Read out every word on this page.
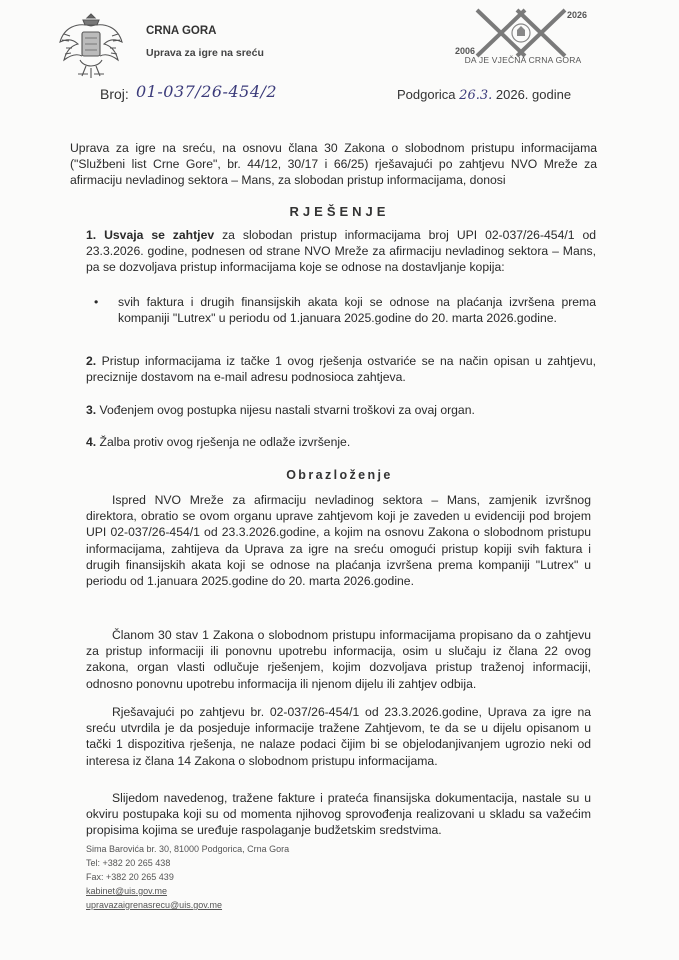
CRNA GORA
Uprava za igre na sreću
2026
2006
DA JE VJEČNA CRNA GORA
Broj: 01-037/26-454/2	Podgorica 26.3. 2026. godine
Uprava za igre na sreću, na osnovu člana 30 Zakona o slobodnom pristupu informacijama ("Službeni list Crne Gore", br. 44/12, 30/17 i 66/25) rješavajući po zahtjevu NVO Mreže za afirmaciju nevladinog sektora – Mans, za slobodan pristup informacijama, donosi
RJEŠENJE
1. Usvaja se zahtjev za slobodan pristup informacijama broj UPI 02-037/26-454/1 od 23.3.2026. godine, podnesen od strane NVO Mreže za afirmaciju nevladinog sektora – Mans, pa se dozvoljava pristup informacijama koje se odnose na dostavljanje kopija:
• svih faktura i drugih finansijskih akata koji se odnose na plaćanja izvršena prema kompaniji "Lutrex" u periodu od 1.januara 2025.godine do 20. marta 2026.godine.
2. Pristup informacijama iz tačke 1 ovog rješenja ostvariće se na način opisan u zahtjevu, preciznije dostavom na e-mail adresu podnosioca zahtjeva.
3. Vođenjem ovog postupka nijesu nastali stvarni troškovi za ovaj organ.
4. Žalba protiv ovog rješenja ne odlaže izvršenje.
Obrazloženje
Ispred NVO Mreže za afirmaciju nevladinog sektora – Mans, zamjenik izvršnog direktora, obratio se ovom organu uprave zahtjevom koji je zaveden u evidenciji pod brojem UPI 02-037/26-454/1 od 23.3.2026.godine, a kojim na osnovu Zakona o slobodnom pristupu informacijama, zahtijeva da Uprava za igre na sreću omogući pristup kopiji svih faktura i drugih finansijskih akata koji se odnose na plaćanja izvršena prema kompaniji "Lutrex" u periodu od 1.januara 2025.godine do 20. marta 2026.godine.
Članom 30 stav 1 Zakona o slobodnom pristupu informacijama propisano da o zahtjevu za pristup informaciji ili ponovnu upotrebu informacija, osim u slučaju iz člana 22 ovog zakona, organ vlasti odlučuje rješenjem, kojim dozvoljava pristup traženoj informaciji, odnosno ponovnu upotrebu informacija ili njenom dijelu ili zahtjev odbija.
Rješavajući po zahtjevu br. 02-037/26-454/1 od 23.3.2026.godine, Uprava za igre na sreću utvrdila je da posjeduje informacije tražene Zahtjevom, te da se u dijelu opisanom u tački 1 dispozitiva rješenja, ne nalaze podaci čijim bi se objelodanjivanjem ugrozio neki od interesa iz člana 14 Zakona o slobodnom pristupu informacijama.
Slijedom navedenog, tražene fakture i prateća finansijska dokumentacija, nastale su u okviru postupaka koji su od momenta njihovog sprovođenja realizovani u skladu sa važećim propisima kojima se uređuje raspolaganje budžetskim sredstvima.
Sima Barovića br. 30, 81000 Podgorica, Crna Gora
Tel: +382 20 265 438
Fax: +382 20 265 439
kabinet@uis.gov.me
upravazaigrenasrecu@uis.gov.me
